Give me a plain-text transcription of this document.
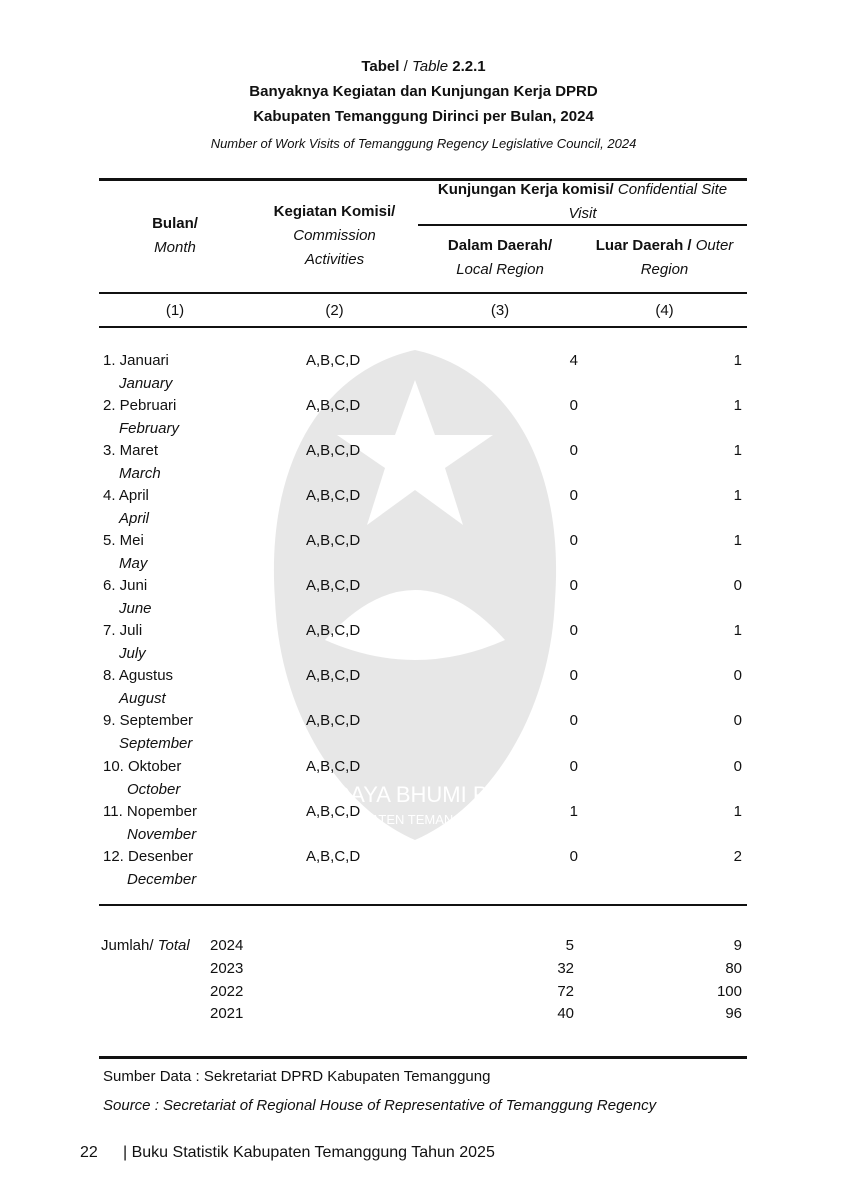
SWADAYA BHUMI PHALA
KABUPATEN TEMANGGUNG
Tabel / Table 2.2.1
Banyaknya Kegiatan dan Kunjungan Kerja DPRD
Kabupaten Temanggung Dirinci per Bulan, 2024
Number of Work Visits of Temanggung Regency Legislative Council, 2024
Bulan/
Month
Kegiatan Komisi/
Commission
Activities
Kunjungan Kerja komisi/ Confidential Site
Visit
Dalam Daerah/
Local Region
Luar Daerah / Outer
Region
(1)	(2)	(3)	(4)
1. Januari
January
A,B,C,D	4	1
2. Pebruari
February
A,B,C,D	0	1
3. Maret
March
A,B,C,D	0	1
4. April
April
A,B,C,D	0	1
5. Mei
May
A,B,C,D	0	1
6. Juni
June
A,B,C,D	0	0
7. Juli
July
A,B,C,D	0	1
8. Agustus
August
A,B,C,D	0	0
9. September
September
A,B,C,D	0	0
10. Oktober
October
A,B,C,D	0	0
11. Nopember
November
A,B,C,D	1	1
12. Desenber
December
A,B,C,D	0	2
Jumlah/ Total 2024	5	9
2023	32	80
2022	72	100
2021	40	96
Sumber Data : Sekretariat DPRD Kabupaten Temanggung
Source : Secretariat of Regional House of Representative of Temanggung Regency
22 | Buku Statistik Kabupaten Temanggung Tahun 2025
